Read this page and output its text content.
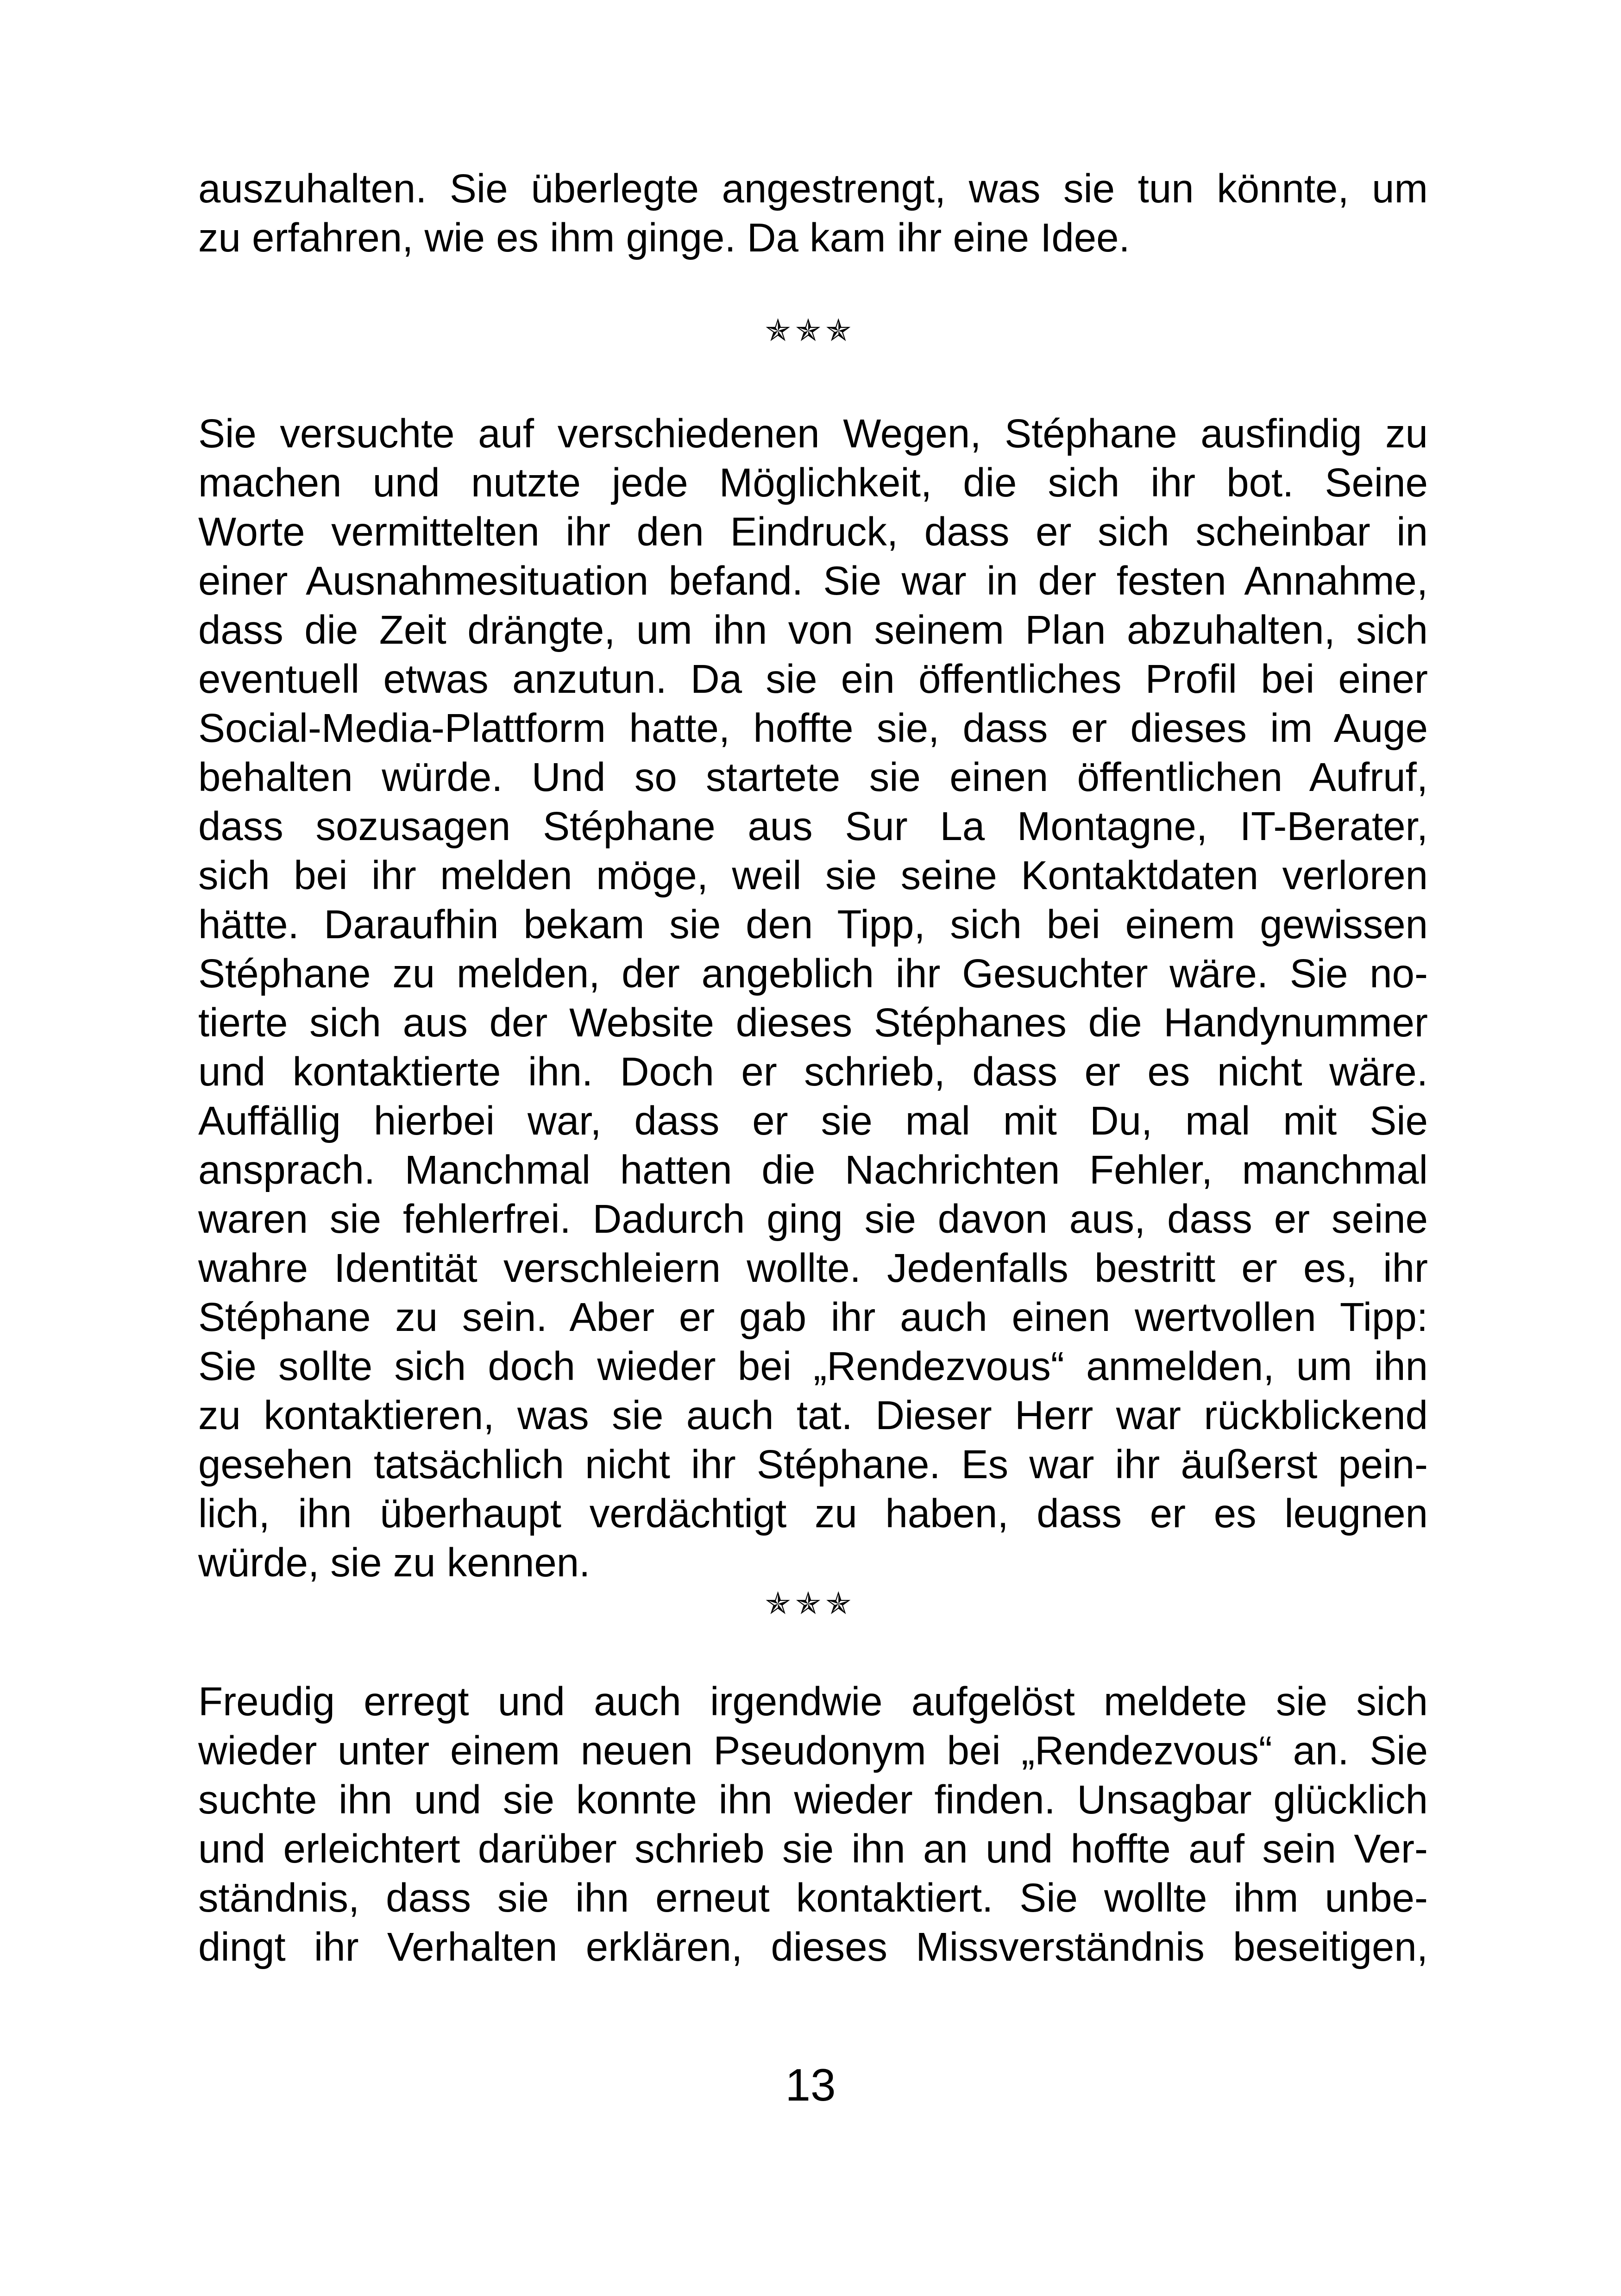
auszuhalten. Sie überlegte angestrengt, was sie tun könnte, um
zu erfahren, wie es ihm ginge. Da kam ihr eine Idee.
✯✯✯
Sie versuchte auf verschiedenen Wegen, Stéphane ausfindig zu
machen und nutzte jede Möglichkeit, die sich ihr bot. Seine
Worte vermittelten ihr den Eindruck, dass er sich scheinbar in
einer Ausnahmesituation befand. Sie war in der festen Annahme,
dass die Zeit drängte, um ihn von seinem Plan abzuhalten, sich
eventuell etwas anzutun. Da sie ein öffentliches Profil bei einer
Social-Media-Plattform hatte, hoffte sie, dass er dieses im Auge
behalten würde. Und so startete sie einen öffentlichen Aufruf,
dass sozusagen Stéphane aus Sur La Montagne, IT-Berater,
sich bei ihr melden möge, weil sie seine Kontaktdaten verloren
hätte. Daraufhin bekam sie den Tipp, sich bei einem gewissen
Stéphane zu melden, der angeblich ihr Gesuchter wäre. Sie no-
tierte sich aus der Website dieses Stéphanes die Handynummer
und kontaktierte ihn. Doch er schrieb, dass er es nicht wäre.
Auffällig hierbei war, dass er sie mal mit Du, mal mit Sie
ansprach. Manchmal hatten die Nachrichten Fehler, manchmal
waren sie fehlerfrei. Dadurch ging sie davon aus, dass er seine
wahre Identität verschleiern wollte. Jedenfalls bestritt er es, ihr
Stéphane zu sein. Aber er gab ihr auch einen wertvollen Tipp:
Sie sollte sich doch wieder bei „Rendezvous“ anmelden, um ihn
zu kontaktieren, was sie auch tat. Dieser Herr war rückblickend
gesehen tatsächlich nicht ihr Stéphane. Es war ihr äußerst pein-
lich, ihn überhaupt verdächtigt zu haben, dass er es leugnen
würde, sie zu kennen.
✯✯✯
Freudig erregt und auch irgendwie aufgelöst meldete sie sich
wieder unter einem neuen Pseudonym bei „Rendezvous“ an. Sie
suchte ihn und sie konnte ihn wieder finden. Unsagbar glücklich
und erleichtert darüber schrieb sie ihn an und hoffte auf sein Ver-
ständnis, dass sie ihn erneut kontaktiert. Sie wollte ihm unbe-
dingt ihr Verhalten erklären, dieses Missverständnis beseitigen,
13
